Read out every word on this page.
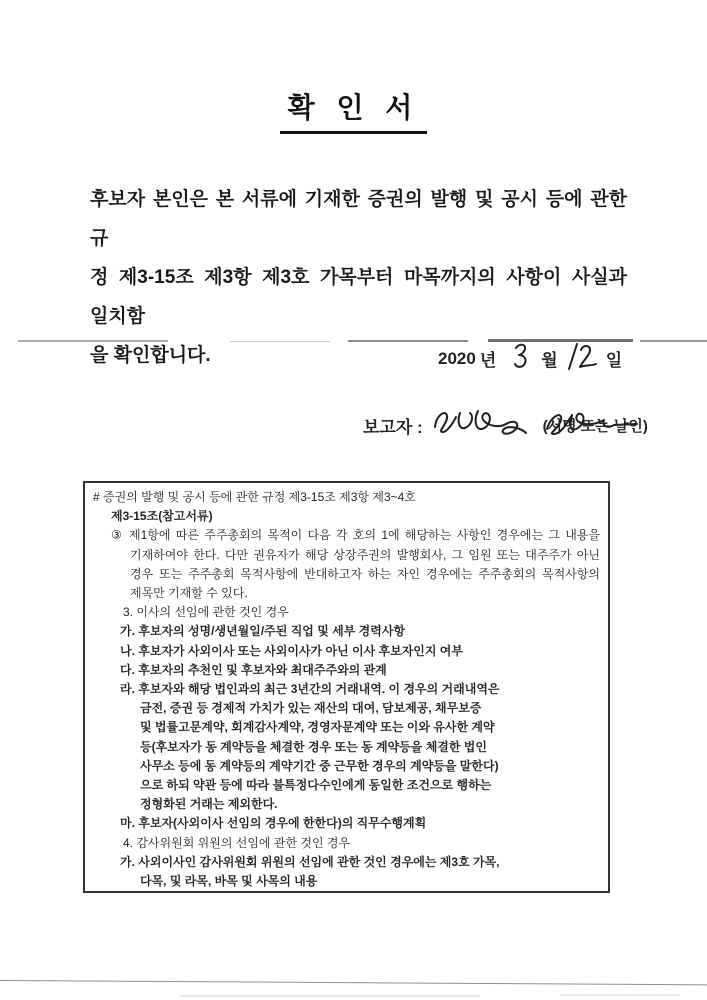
확 인 서
후보자 본인은 본 서류에 기재한 증권의 발행 및 공시 등에 관한 규
정 제3-15조 제3항 제3호 가목부터 마목까지의 사항이 사실과 일치함
을 확인합니다.	2020 년	월	일
보고자 :	(서명 또는 날인)
# 증권의 발행 및 공시 등에 관한 규정 제3-15조 제3항 제3~4호
제3-15조(참고서류)
③ 제1항에 따른 주주총회의 목적이 다음 각 호의 1에 해당하는 사항인 경우에는 그 내용을
기재하여야 한다. 다만 권유자가 해당 상장주권의 발행회사, 그 임원 또는 대주주가 아닌
경우 또는 주주총회 목적사항에 반대하고자 하는 자인 경우에는 주주총회의 목적사항의
제목만 기재할 수 있다.
3. 이사의 선임에 관한 것인 경우
가. 후보자의 성명/생년월일/주된 직업 및 세부 경력사항
나. 후보자가 사외이사 또는 사외이사가 아닌 이사 후보자인지 여부
다. 후보자의 추천인 및 후보자와 최대주주와의 관계
라. 후보자와 해당 법인과의 최근 3년간의 거래내역. 이 경우의 거래내역은
금전, 증권 등 경제적 가치가 있는 재산의 대여, 담보제공, 채무보증
및 법률고문계약, 회계감사계약, 경영자문계약 또는 이와 유사한 계약
등(후보자가 동 계약등을 체결한 경우 또는 동 계약등을 체결한 법인
사무소 등에 동 계약등의 계약기간 중 근무한 경우의 계약등을 말한다)
으로 하되 약관 등에 따라 불특정다수인에게 동일한 조건으로 행하는
정형화된 거래는 제외한다.
마. 후보자(사외이사 선임의 경우에 한한다)의 직무수행계획
4. 감사위원회 위원의 선임에 관한 것인 경우
가. 사외이사인 감사위원회 위원의 선임에 관한 것인 경우에는 제3호 가목,
다목, 및 라목, 바목 및 사목의 내용
